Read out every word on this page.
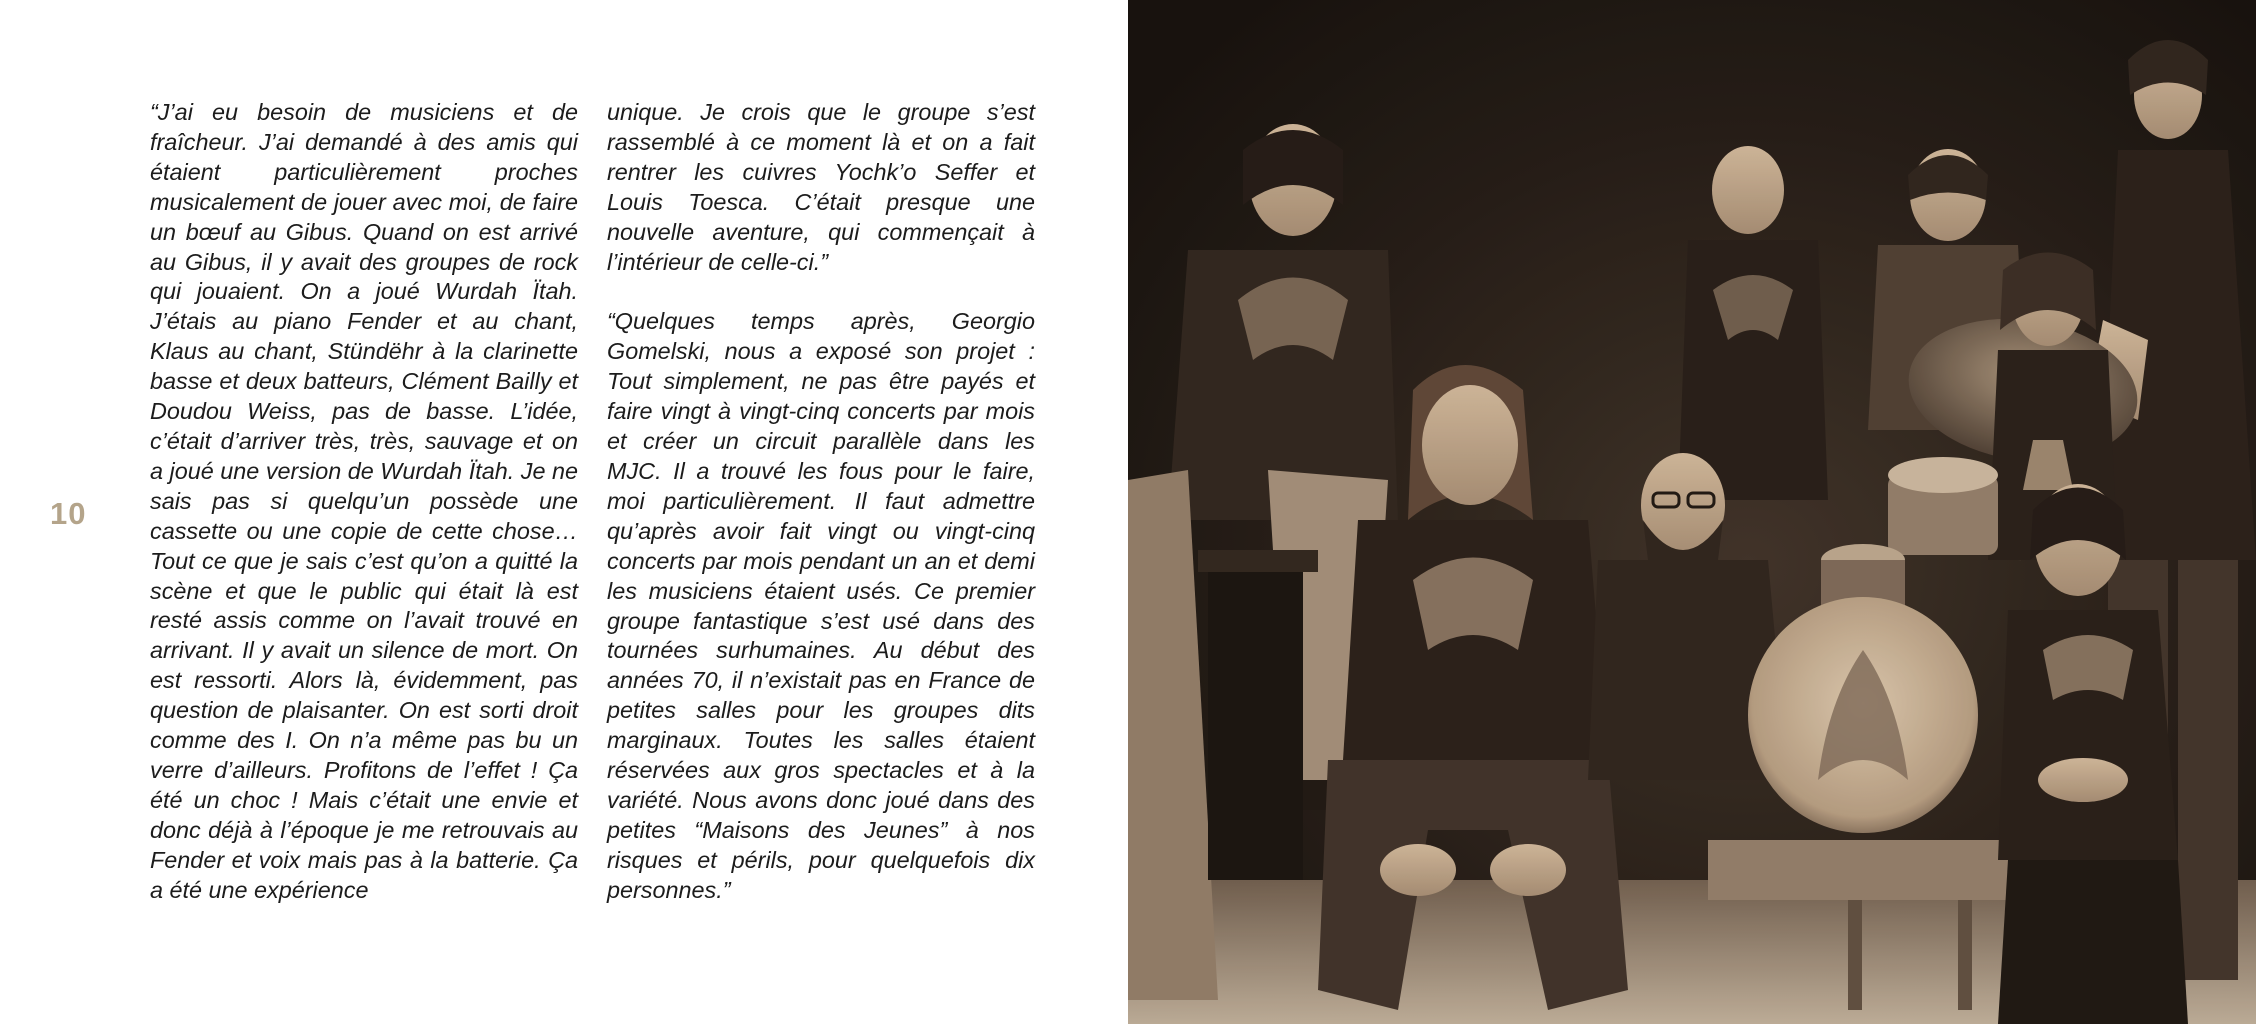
10

“J’ai eu besoin de musiciens et de fraîcheur. J’ai demandé à des amis qui étaient particulièrement proches musicalement de jouer avec moi, de faire un bœuf au Gibus. Quand on est arrivé au Gibus, il y avait des groupes de rock qui jouaient. On a joué Wurdah Ïtah. J’étais au piano Fender et au chant, Klaus au chant, Stündëhr à la clarinette basse et deux batteurs, Clément Bailly et Doudou Weiss, pas de basse. L’idée, c’était d’arriver très, très, sauvage et on a joué une version de Wurdah Ïtah. Je ne sais pas si quelqu’un possède une cassette ou une copie de cette chose… Tout ce que je sais c’est qu’on a quitté la scène et que le public qui était là est resté assis comme on l’avait trouvé en arrivant. Il y avait un silence de mort. On est ressorti. Alors là, évidemment, pas question de plaisanter. On est sorti droit comme des I. On n’a même pas bu un verre d’ailleurs. Profitons de l’effet ! Ça été un choc ! Mais c’était une envie et donc déjà à l’époque je me retrouvais au Fender et voix mais pas à la batterie. Ça a été une expérience

unique. Je crois que le groupe s’est rassemblé à ce moment là et on a fait rentrer les cuivres Yochk’o Seffer et Louis Toesca. C’était presque une nouvelle aventure, qui commençait à l’intérieur de celle-ci.”

“Quelques temps après, Georgio Gomelski, nous a exposé son projet : Tout simplement, ne pas être payés et faire vingt à vingt-cinq concerts par mois et créer un circuit parallèle dans les MJC. Il a trouvé les fous pour le faire, moi particulièrement. Il faut admettre qu’après avoir fait vingt ou vingt-cinq concerts par mois pendant un an et demi les musiciens étaient usés. Ce premier groupe fantastique s’est usé dans des tournées surhumaines. Au début des années 70, il n’existait pas en France de petites salles pour les groupes dits marginaux. Toutes les salles étaient réservées aux gros spectacles et à la variété. Nous avons donc joué dans des petites “Maisons des Jeunes” à nos risques et périls, pour quelquefois dix personnes.”
